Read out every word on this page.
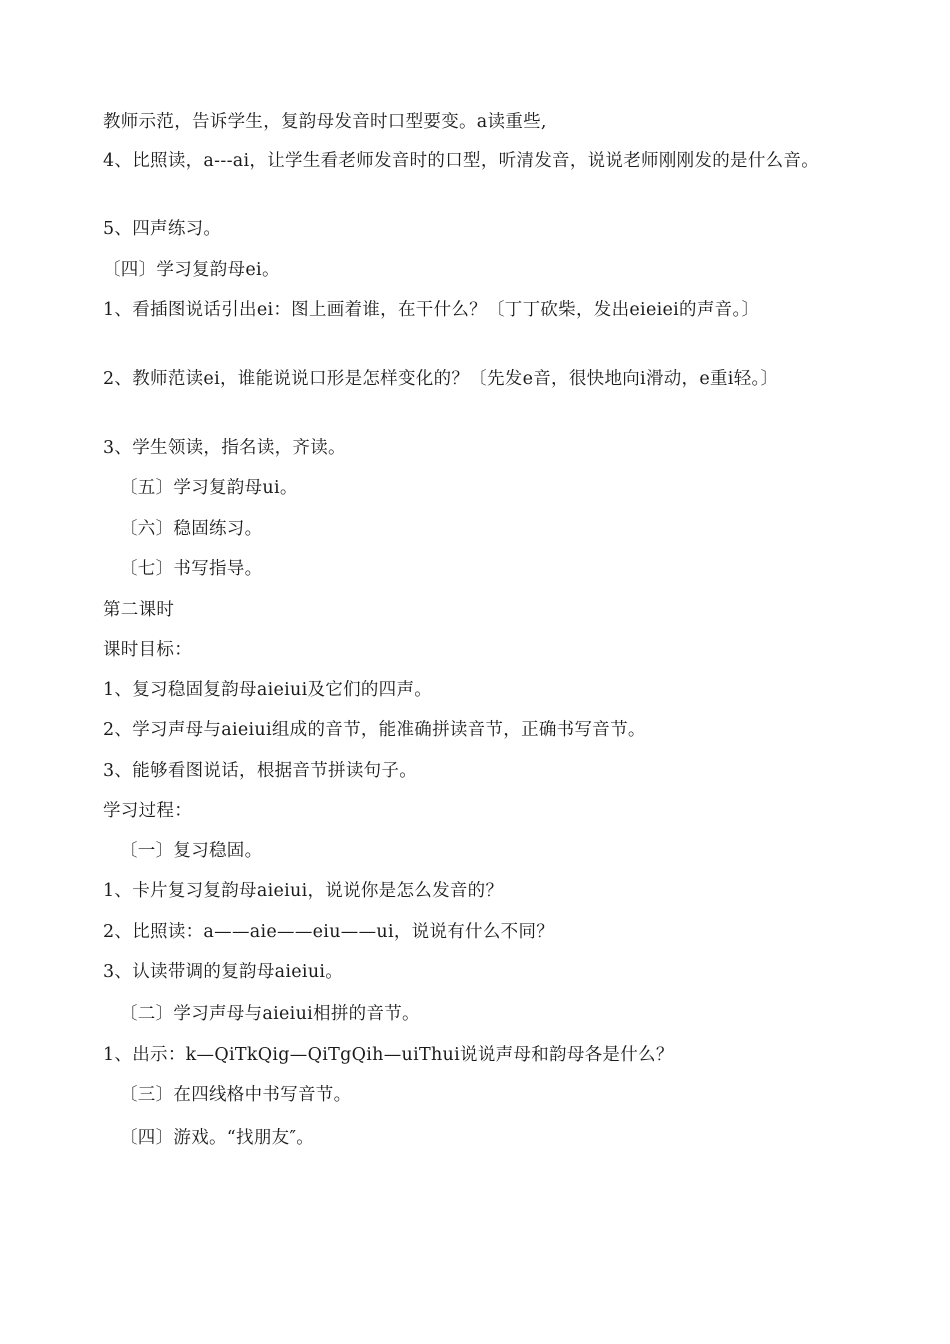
教师示范，告诉学生，复韵母发音时口型要变。a读重些,

4、比照读，a---ai，让学生看老师发音时的口型，听清发音，说说老师刚刚发的是什么音。

5、四声练习。

〔四〕学习复韵母ei。

1、看插图说话引出ei：图上画着谁，在干什么？〔丁丁砍柴，发出eieiei的声音。〕

2、教师范读ei，谁能说说口形是怎样变化的？〔先发e音，很快地向i滑动，e重i轻。〕

3、学生领读，指名读，齐读。

〔五〕学习复韵母ui。

〔六〕稳固练习。

〔七〕书写指导。

第二课时

课时目标：

1、复习稳固复韵母aieiui及它们的四声。

2、学习声母与aieiui组成的音节，能准确拼读音节，正确书写音节。

3、能够看图说话，根据音节拼读句子。

学习过程：

〔一〕复习稳固。

1、卡片复习复韵母aieiui，说说你是怎么发音的？

2、比照读：a——aie——eiu——ui，说说有什么不同？

3、认读带调的复韵母aieiui。

〔二〕学习声母与aieiui相拼的音节。

1、出示：k—QiTkQig—QiTgQih—uiThui说说声母和韵母各是什么？

〔三〕在四线格中书写音节。

〔四〕游戏。“找朋友″。
